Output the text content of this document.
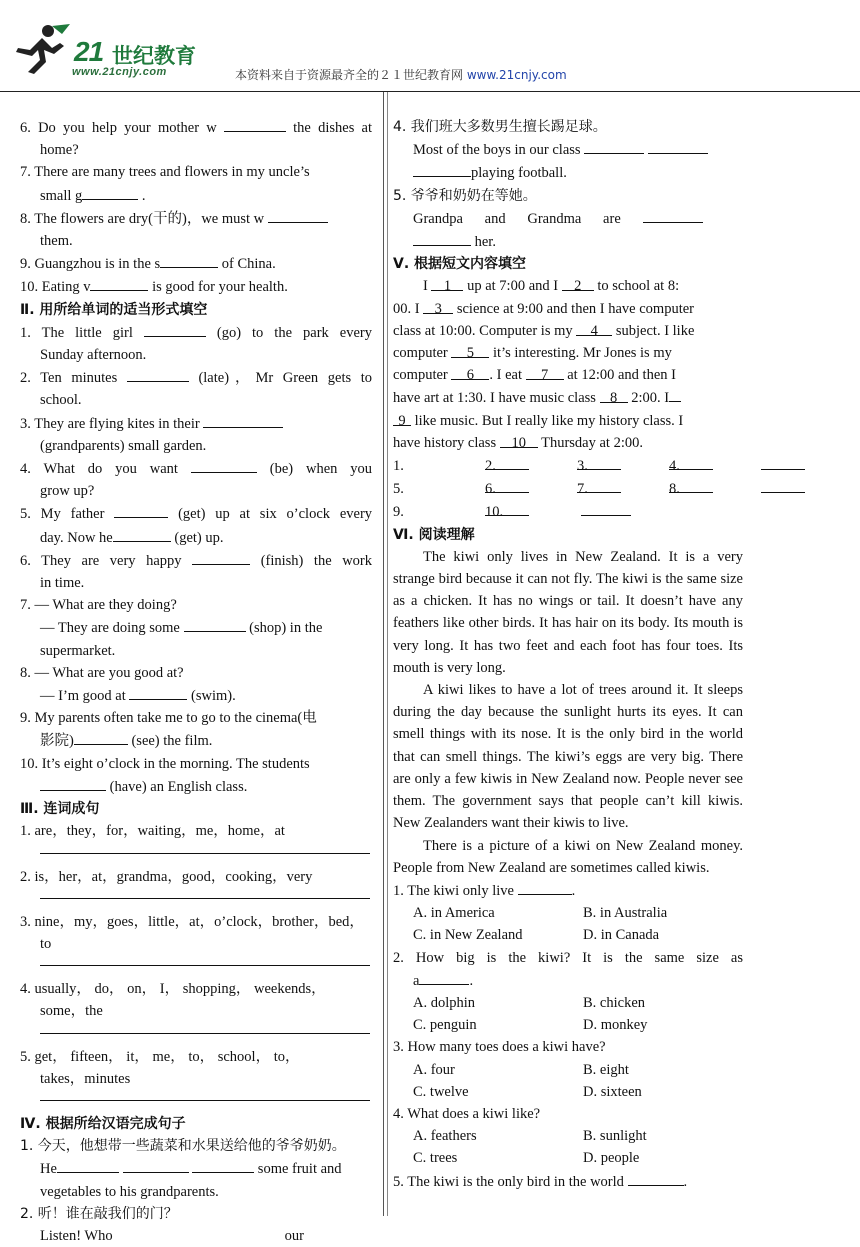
21 世纪教育
www.21cnjy.com	本资料来自于资源最齐全的２１世纪教育网 www.21cnjy.com
6. Do you help your mother w	the dishes at
home?
7. There are many trees and flowers in my uncle’s
small g	.
8. The flowers are dry(干的)，we must w
them.
9. Guangzhou is in the s	of China.
10. Eating v	is good for your health.
Ⅱ. 用所给单词的适当形式填空
1. The little girl	(go) to the park every
Sunday afternoon.
2. Ten minutes	(late)，Mr Green gets to
school.
3. They are flying kites in their
(grandparents) small garden.
4. What do you want	(be) when you
grow up?
5. My father	(get) up at six o’clock every
day. Now he	(get) up.
6. They are very happy	(finish) the work
in time.
7. — What are they doing?
— They are doing some	(shop) in the
supermarket.
8. — What are you good at?
— I’m good at	(swim).
9. My parents often take me to go to the cinema(电
影院)	(see) the film.
10. It’s eight o’clock in the morning. The students
(have) an English class.
Ⅲ. 连词成句
1. are，they，for，waiting，me，home，at
2. is，her，at，grandma，good，cooking，very
3. nine，my，goes，little，at，o’clock，brother，bed，
to
4. usually， do， on， I， shopping， weekends，
some，the
5. get， fifteen， it， me， to， school， to，
takes，minutes
Ⅳ. 根据所给汉语完成句子
1. 今天，他想带一些蔬菜和水果送给他的爷爷奶奶。
He	some fruit and
vegetables to his grandparents.
2. 听！谁在敲我们的门？
Listen! Who	our
4. 我们班大多数男生擅长踢足球。
Most of the boys in our class
playing football.
5. 爷爷和奶奶在等她。
Grandpa      and      Grandma      are
her.
Ⅴ. 根据短文内容填空
I 1 up at 7:00 and I 2 to school at 8:
00. I 3 science at 9:00 and then I have computer
class at 10:00. Computer is my 4 subject. I like
computer 5 it’s interesting. Mr Jones is my
computer 6 . I eat 7 at 12:00 and then I
have art at 1:30. I have music class 8 2:00. I
9 like music. But I really like my history class. I
have history class 10 Thursday at 2:00.
1.	2.	3.	4.
5.	6.	7.	8.
9.	10.
Ⅵ. 阅读理解
The kiwi only lives in New Zealand. It is a very strange bird because it can not fly. The kiwi is the same size as a chicken. It has no wings or tail. It doesn’t have any feathers like other birds. It has hair on its body. Its mouth is very long. It has two feet and each foot has four toes. Its mouth is very long.
A kiwi likes to have a lot of trees around it. It sleeps during the day because the sunlight hurts its eyes. It can smell things with its nose. It is the only bird in the world that can smell things. The kiwi’s eggs are very big. There are only a few kiwis in New Zealand now. People never see them. The government says that people can’t kill kiwis. New Zealanders want their kiwis to live.
There is a picture of a kiwi on New Zealand money. People from New Zealand are sometimes called kiwis.
1. The kiwi only live	.
A. in America	B. in Australia
C. in New Zealand	D. in Canada
2. How big is the kiwi? It is the same size as
a	.
A. dolphin	B. chicken
C. penguin	D. monkey
3. How many toes does a kiwi have?
A. four	B. eight
C. twelve	D. sixteen
4. What does a kiwi like?
A. feathers	B. sunlight
C. trees	D. people
5. The kiwi is the only bird in the world	.
